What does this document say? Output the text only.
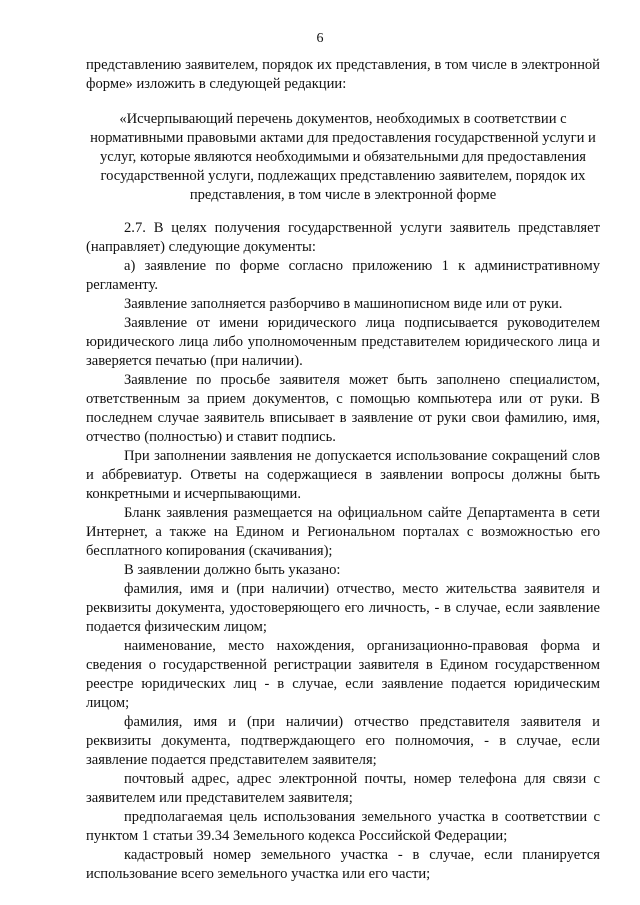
6

представлению заявителем, порядок их представления, в том числе в электронной форме» изложить в следующей редакции:

«Исчерпывающий перечень документов, необходимых в соответствии с нормативными правовыми актами для предоставления государственной услуги и услуг, которые являются необходимыми и обязательными для предоставления государственной услуги, подлежащих представлению заявителем, порядок их представления, в том числе в электронной форме

2.7. В целях получения государственной услуги заявитель представляет (направляет) следующие документы:

а) заявление по форме согласно приложению 1 к административному регламенту.

Заявление заполняется разборчиво в машинописном виде или от руки.

Заявление от имени юридического лица подписывается руководителем юридического лица либо уполномоченным представителем юридического лица и заверяется печатью (при наличии).

Заявление по просьбе заявителя может быть заполнено специалистом, ответственным за прием документов, с помощью компьютера или от руки. В последнем случае заявитель вписывает в заявление от руки свои фамилию, имя, отчество (полностью) и ставит подпись.

При заполнении заявления не допускается использование сокращений слов и аббревиатур. Ответы на содержащиеся в заявлении вопросы должны быть конкретными и исчерпывающими.

Бланк заявления размещается на официальном сайте Департамента в сети Интернет, а также на Едином и Региональном порталах с возможностью его бесплатного копирования (скачивания);

В заявлении должно быть указано:

фамилия, имя и (при наличии) отчество, место жительства заявителя и реквизиты документа, удостоверяющего его личность, - в случае, если заявление подается физическим лицом;

наименование, место нахождения, организационно-правовая форма и сведения о государственной регистрации заявителя в Едином государственном реестре юридических лиц - в случае, если заявление подается юридическим лицом;

фамилия, имя и (при наличии) отчество представителя заявителя и реквизиты документа, подтверждающего его полномочия, - в случае, если заявление подается представителем заявителя;

почтовый адрес, адрес электронной почты, номер телефона для связи с заявителем или представителем заявителя;

предполагаемая цель использования земельного участка в соответствии с пунктом 1 статьи 39.34 Земельного кодекса Российской Федерации;

кадастровый номер земельного участка - в случае, если планируется использование всего земельного участка или его части;
